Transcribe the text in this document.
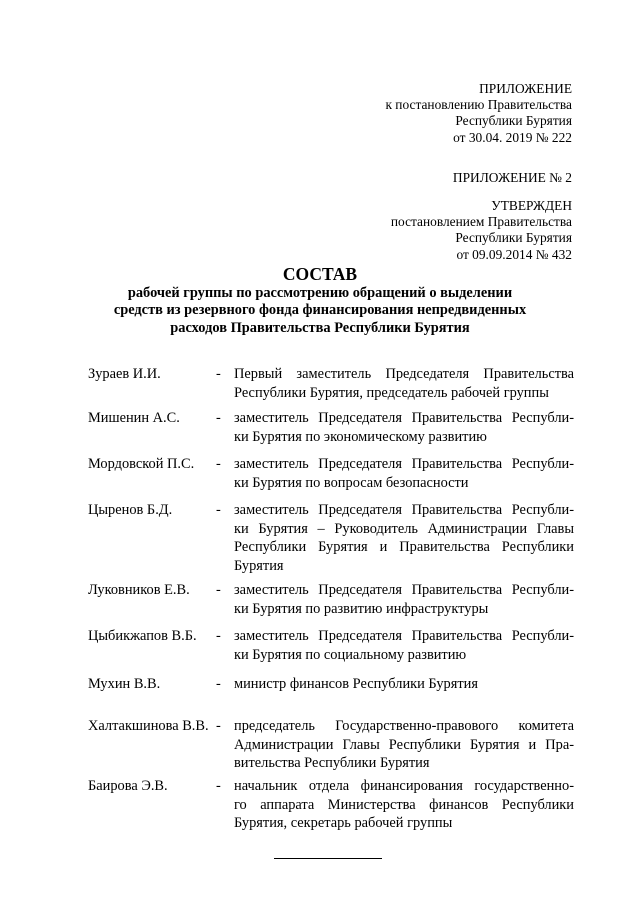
ПРИЛОЖЕНИЕ
к постановлению Правительства
Республики Бурятия
от 30.04. 2019 № 222
ПРИЛОЖЕНИЕ № 2
УТВЕРЖДЕН
постановлением Правительства
Республики Бурятия
от 09.09.2014 № 432
СОСТАВ
рабочей группы по рассмотрению обращений о выделении
средств из резервного фонда финансирования непредвиденных
расходов Правительства Республики Бурятия
Зураев И.И.	- Первый заместитель Председателя Правительства
Республики Бурятия, председатель рабочей группы
Мишенин А.С.	- заместитель Председателя Правительства Республи-
ки Бурятия по экономическому развитию
Мордовской П.С. - заместитель Председателя Правительства Республи-
ки Бурятия по вопросам безопасности
Цыренов Б.Д.	- заместитель Председателя Правительства Республи-
ки Бурятия – Руководитель Администрации Главы
Республики Бурятия и Правительства Республики
Бурятия
Луковников Е.В. - заместитель Председателя Правительства Республи-
ки Бурятия по развитию инфраструктуры
Цыбикжапов В.Б. - заместитель Председателя Правительства Республи-
ки Бурятия по социальному развитию
Мухин В.В.	- министр финансов Республики Бурятия
Халтакшинова В.В. - председатель Государственно-правового комитета
Администрации Главы Республики Бурятия и Пра-
вительства Республики Бурятия
Баирова Э.В.	- начальник отдела финансирования государственно-
го аппарата Министерства финансов Республики
Бурятия, секретарь рабочей группы
